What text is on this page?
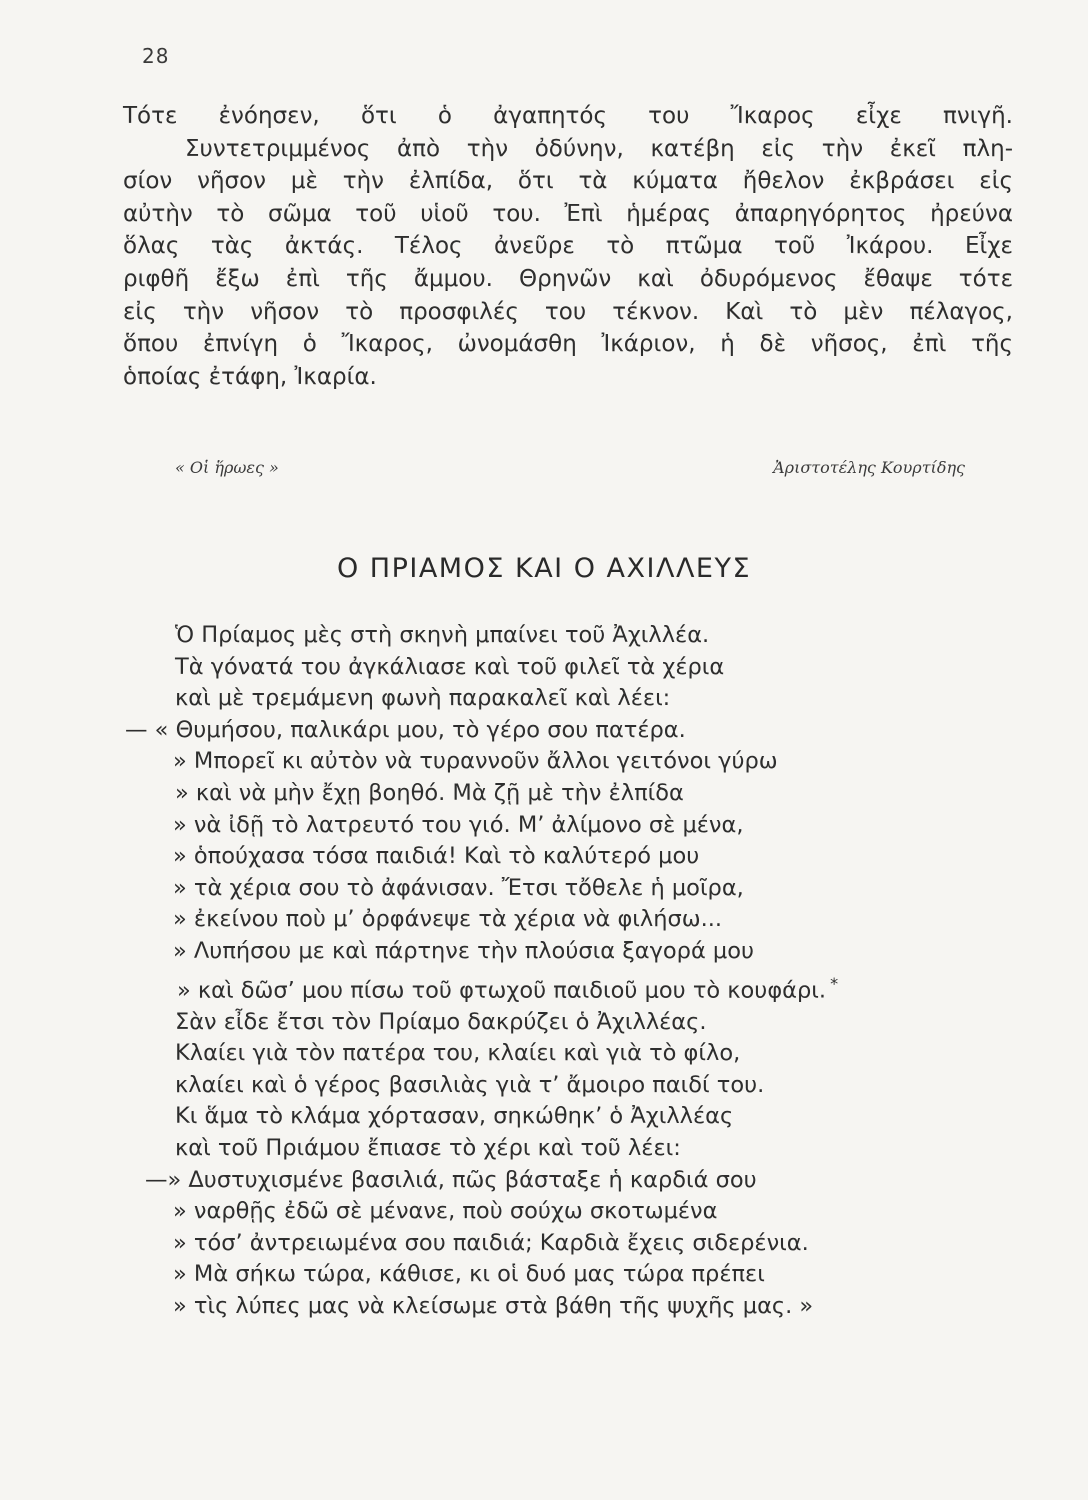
28
Τότε ἐνόησεν, ὅτι ὁ ἀγαπητός του Ἴκαρος εἶχε πνιγῆ.
Συντετριμμένος ἀπὸ τὴν ὀδύνην, κατέβη εἰς τὴν ἐκεῖ πλη-
σίον νῆσον μὲ τὴν ἐλπίδα, ὅτι τὰ κύματα ἤθελον ἐκβράσει εἰς
αὐτὴν τὸ σῶμα τοῦ υἱοῦ του. Ἐπὶ ἡμέρας ἀπαρηγόρητος ἠρεύνα
ὅλας τὰς ἀκτάς. Τέλος ἀνεῦρε τὸ πτῶμα τοῦ Ἰκάρου. Εἶχε
ριφθῆ ἔξω ἐπὶ τῆς ἄμμου. Θρηνῶν καὶ ὀδυρόμενος ἔθαψε τότε
εἰς τὴν νῆσον τὸ προσφιλές του τέκνον. Καὶ τὸ μὲν πέλαγος,
ὅπου ἐπνίγη ὁ Ἴκαρος, ὠνομάσθη Ἰκάριον, ἡ δὲ νῆσος, ἐπὶ τῆς
ὁποίας ἐτάφη, Ἰκαρία.
« Οἱ ἥρωες »	Ἀριστοτέλης Κουρτίδης
Ο ΠΡΙΑΜΟΣ ΚΑΙ Ο ΑΧΙΛΛΕΥΣ
Ὁ Πρίαμος μὲς στὴ σκηνὴ μπαίνει τοῦ Ἀχιλλέα.
Τὰ γόνατά του ἀγκάλιασε καὶ τοῦ φιλεῖ τὰ χέρια
καὶ μὲ τρεμάμενη φωνὴ παρακαλεῖ καὶ λέει:
— « Θυμήσου, παλικάρι μου, τὸ γέρο σου πατέρα.
» Μπορεῖ κι αὐτὸν νὰ τυραννοῦν ἄλλοι γειτόνοι γύρω
» καὶ νὰ μὴν ἔχῃ βοηθό. Μὰ ζῇ μὲ τὴν ἐλπίδα
» νὰ ἰδῇ τὸ λατρευτό του γιό. Μ’ ἀλίμονο σὲ μένα,
» ὁπούχασα τόσα παιδιά! Καὶ τὸ καλύτερό μου
» τὰ χέρια σου τὸ ἀφάνισαν. Ἔτσι τὄθελε ἡ μοῖρα,
» ἐκείνου ποὺ μ’ ὀρφάνεψε τὰ χέρια νὰ φιλήσω...
» Λυπήσου με καὶ πάρτηνε τὴν πλούσια ξαγορά μου
» καὶ δῶσ’ μου πίσω τοῦ φτωχοῦ παιδιοῦ μου τὸ κουφάρι. *
Σὰν εἶδε ἔτσι τὸν Πρίαμο δακρύζει ὁ Ἀχιλλέας.
Κλαίει γιὰ τὸν πατέρα του, κλαίει καὶ γιὰ τὸ φίλο,
κλαίει καὶ ὁ γέρος βασιλιὰς γιὰ τ’ ἄμοιρο παιδί του.
Κι ἅμα τὸ κλάμα χόρτασαν, σηκώθηκ’ ὁ Ἀχιλλέας
καὶ τοῦ Πριάμου ἔπιασε τὸ χέρι καὶ τοῦ λέει:
—» Δυστυχισμένε βασιλιά, πῶς βάσταξε ἡ καρδιά σου
» ναρθῇς ἐδῶ σὲ μένανε, ποὺ σούχω σκοτωμένα
» τόσ’ ἀντρειωμένα σου παιδιά; Καρδιὰ ἔχεις σιδερένια.
» Μὰ σήκω τώρα, κάθισε, κι οἱ δυό μας τώρα πρέπει
» τὶς λύπες μας νὰ κλείσωμε στὰ βάθη τῆς ψυχῆς μας. »
